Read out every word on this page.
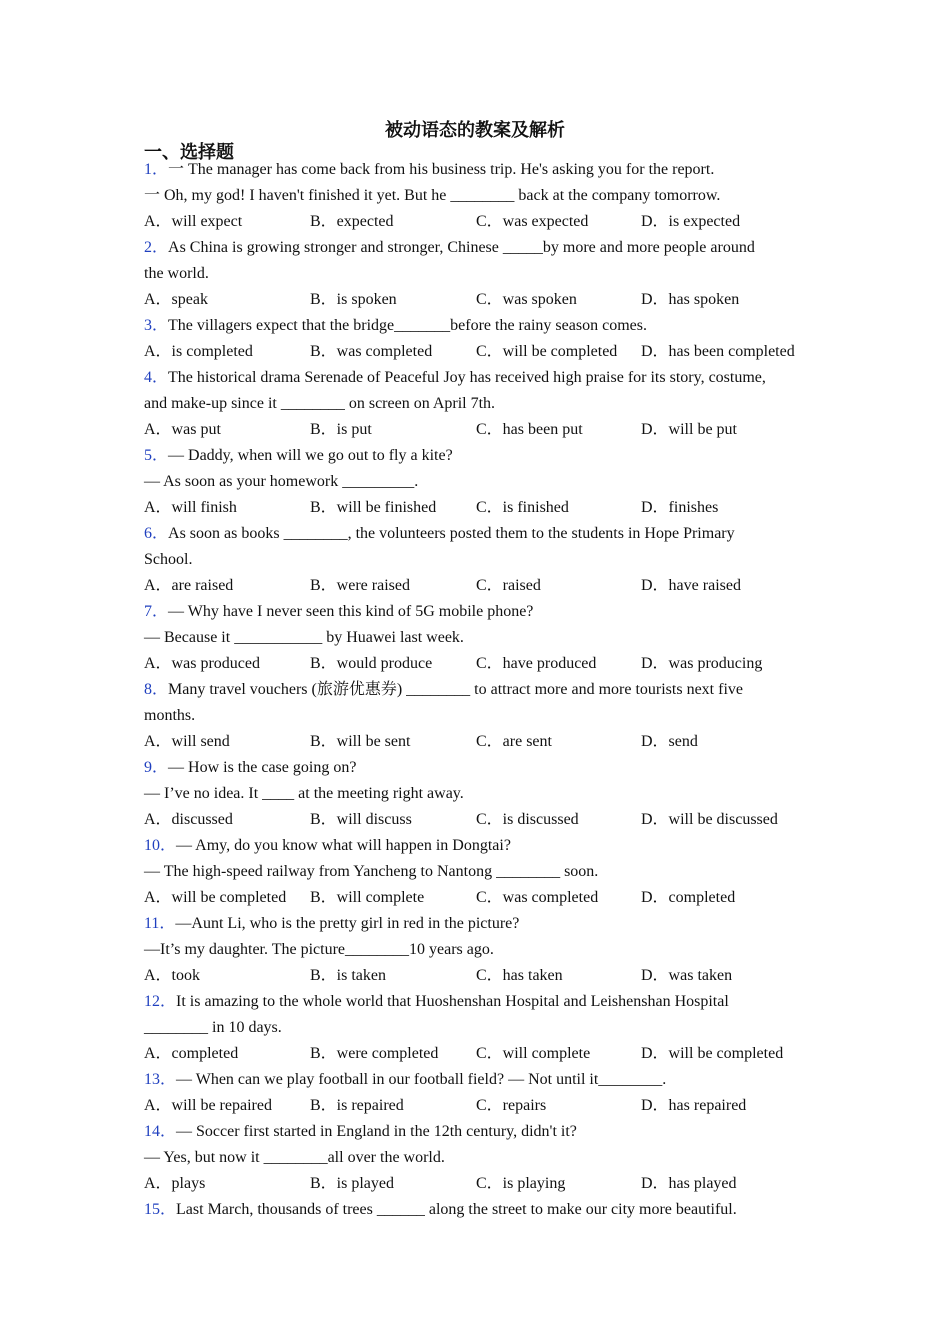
被动语态的教案及解析
一、选择题
1．一 The manager has come back from his business trip. He's asking you for the report.
一 Oh, my god! I haven't finished it yet. But he ________ back at the company tomorrow.
A．will expect	B．expected	C．was expected	D．is expected
2．As China is growing stronger and stronger, Chinese _____by more and more people around
the world.
A．speak	B．is spoken	C．was spoken	D．has spoken
3．The villagers expect that the bridge_______before the rainy season comes.
A．is completed	B．was completed	C．will be completed D．has been completed
4．The historical drama Serenade of Peaceful Joy has received high praise for its story, costume,
and make-up since it ________ on screen on April 7th.
A．was put	B．is put	C．has been put	D．will be put
5．— Daddy, when will we go out to fly a kite?
— As soon as your homework _________.
A．will finish	B．will be finished C．is finished	D．finishes
6．As soon as books ________, the volunteers posted them to the students in Hope Primary
School.
A．are raised	B．were raised	C．raised	D．have raised
7．— Why have I never seen this kind of 5G mobile phone?
— Because it ___________ by Huawei last week.
A．was produced	B．would produce	C．have produced	D．was producing
8．Many travel vouchers (旅游优惠券) ________ to attract more and more tourists next five
months.
A．will send	B．will be sent	C．are sent	D．send
9．— How is the case going on?
— I’ve no idea. It ____ at the meeting right away.
A．discussed	B．will discuss	C．is discussed	D．will be discussed
10．— Amy, do you know what will happen in Dongtai?
— The high-speed railway from Yancheng to Nantong ________ soon.
A．will be completed B．will complete	C．was completed	D．completed
11．—Aunt Li, who is the pretty girl in red in the picture?
—It’s my daughter. The picture________10 years ago.
A．took	B．is taken	C．has taken	D．was taken
12．It is amazing to the whole world that Huoshenshan Hospital and Leishenshan Hospital
________ in 10 days.
A．completed	B．were completed C．will complete	D．will be completed
13．— When can we play football in our football field? — Not until it________.
A．will be repaired B．is repaired	C．repairs	D．has repaired
14．— Soccer first started in England in the 12th century, didn't it?
— Yes, but now it ________all over the world.
A．plays	B．is played	C．is playing	D．has played
15．Last March, thousands of trees ______ along the street to make our city more beautiful.
